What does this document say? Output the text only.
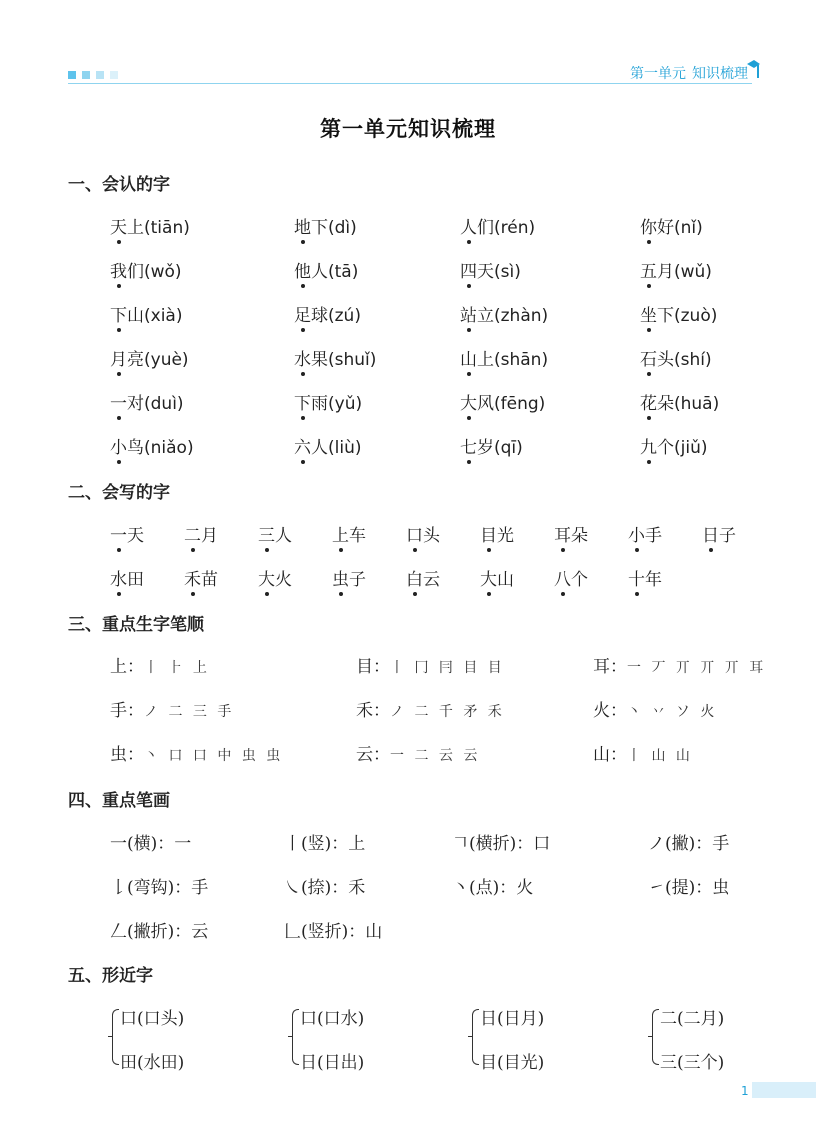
第一单元 知识梳理
第一单元知识梳理
一、会认的字
天上(tiān)	地下(dì)	人们(rén)	你好(nǐ)
我们(wǒ)	他人(tā)	四天(sì)	五月(wǔ)
下山(xià)	足球(zú)	站立(zhàn)	坐下(zuò)
月亮(yuè)	水果(shuǐ)	山上(shān)	石头(shí)
一对(duì)	下雨(yǔ)	大风(fēng)	花朵(huā)
小鸟(niǎo)	六人(liù)	七岁(qī)	九个(jiǔ)
二、会写的字
一天 二月 三人 上车 口头 目光 耳朵 小手 日子
水田 禾苗 大火 虫子 白云 大山 八个 十年
三、重点生字笔顺
上：丨 ⺊ 上	目：丨 冂 冃 目 目	耳：一 丆 丌 丌 丌 耳
手：ノ 二 三 手	禾：ノ 二 千 矛 禾	火：丶 丷 ソ 火
虫：丶 口 口 中 虫 虫	云：一 二 云 云	山：丨 山 山
四、重点笔画
一(横)：一	丨(竖)：上	𠃍(横折)：口	ノ(撇)：手
𠄌(弯钩)：手	㇏(捺)：禾	丶(点)：火	㇀(提)：虫
𠃋(撇折)：云	𠃊(竖折)：山
五、形近字
口(口头)
田(水田)
口(口水)
日(日出)
日(日月)
目(目光)
二(二月)
三(三个)
1
